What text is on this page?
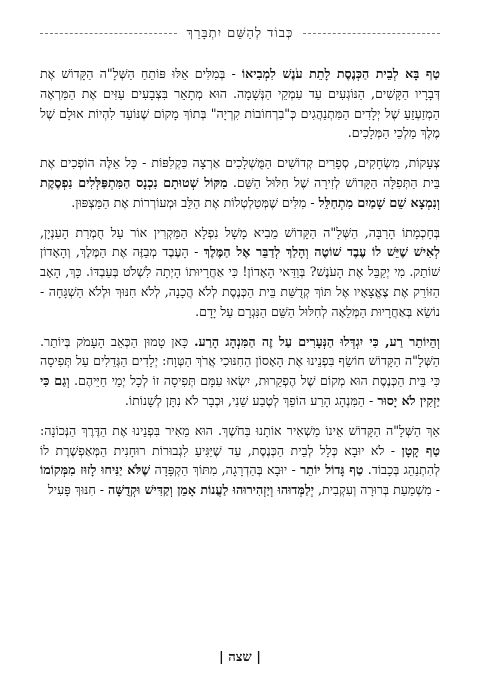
כְּבוֹד לְהַשֵּׁם יִתְבָּרַךְ

טַף בָּא לְבֵית הַכְּנֶסֶת לָתֵת עֹנֶשׁ לִמְבִיאוֹ - בְּמִלִּים אֵלּוּ פּוֹתֵחַ הַשְּׁלָ"ה הַקָּדוֹשׁ אֶת דְּבָרָיו הַקָּשִׁים, הַנּוֹגְעִים עַד עִמְקֵי הַנְּשָׁמָה. הוּא מְתָאֵר בִּצְבָעִים עַזִּים אֶת הַמַּרְאֶה הַמְזַעְזֵעַ שֶׁל יְלָדִים הַמִּתְנַהֲגִים כְּ"בִרְחוֹבוֹת קִרְיָה" בְּתוֹךְ מָקוֹם שֶׁנּוֹעַד לִהְיוֹת אוּלָם שֶׁל מֶלֶךְ מַלְכֵי הַמְּלָכִים.

צְעָקוֹת, מִשְׂחָקִים, סְפָרִים קְדוֹשִׁים הַמֻּשְׁלָכִים אַרְצָה כִּקְלִפּוֹת - כָּל אֵלֶּה הוֹפְכִים אֶת בֵּית הַתְּפִלָּה הַקָּדוֹשׁ לְזִירָה שֶׁל חִלּוּל הַשֵּׁם. מִקּוֹל שְׁטוּתָם נִכְנָס הַמִּתְפַּלְּלִים נִפְסֶקֶת וְנִמְצָא שֵׁם שָׁמַיִם מִתְחַלֵּל - מִלִּים שֶׁמְּטַלְטְלוֹת אֶת הַלֵּב וּמְעוֹרְרוֹת אֶת הַמַּצְפּוּן.

בְּחָכְמָתוֹ הָרַבָּה, הַשְּׁלָ"ה הַקָּדוֹשׁ מֵבִיא מָשָׁל נִפְלָא הַמֵּקְרִין אוֹר עַל חֻמְרַת הָעִנְיָן, לְאִישׁ שֶׁיֵּשׁ לוֹ עֶבֶד שׁוֹטֶה וְהָלַךְ לְדַבֵּר אֶל הַמֶּלֶךְ - הָעֶבֶד מְבַזֶּה אֶת הַמֶּלֶךְ, וְהָאָדוֹן שׁוֹתֵק. מִי יְקַבֵּל אֶת הָעֹנֶשׁ? בְּוַדַּאי הָאָדוֹן! כִּי אַחֲרָיוּתוֹ הָיְתָה לִשְׁלֹט בְּעַבְדּוֹ. כָּךְ, הָאָב הַזּוֹרֵק אֶת צֶאֱצָאָיו אֶל תּוֹךְ קְדֻשַּׁת בֵּית הַכְּנֶסֶת לְלֹא הֲכָנָה, לְלֹא חִנּוּךְ וּלְלֹא הַשְׁגָּחָה - נוֹשֵׂא בְּאַחֲרָיוּת הַמְּלֵאָה לְחִלּוּל הַשֵּׁם הַנִּגְרָם עַל יָדָם.

וְהֵיוֹתֵר רַע, כִּי יִגְדְּלוּ הַנְּעָרִים עַל זֶה הַמִּנְהָג הָרַע. כָּאן טָמוּן הַכְּאֵב הָעָמֹק בְּיוֹתֵר. הַשְּׁלָ"ה הַקָּדוֹשׁ חוֹשֵׂף בִּפְנֵינוּ אֶת הָאָסוֹן הַחִנּוּכִי אֲרֹךְ הַטְּוָח: יְלָדִים הַגְּדֵלִים עַל תְּפִיסָה כִּי בֵּית הַכְּנֶסֶת הוּא מְקוֹם שֶׁל הֶפְקֵרוּת, יִשְׂאוּ עִמָּם תְּפִיסָה זוֹ לְכָל יְמֵי חַיֵּיהֶם. וְגַם כִּי יַזְקִין לֹא יָסוּר - הַמִּנְהָג הָרַע הוֹפֵךְ לְטֶבַע שֵׁנִי, וּכְבָר לֹא נִתָּן לְשָׁנוֹתוֹ.

אַךְ הַשְּׁלָ"ה הַקָּדוֹשׁ אֵינוֹ מַשְׁאִיר אוֹתָנוּ בַּחֹשֶׁךְ. הוּא מֵאִיר בִּפְנֵינוּ אֶת הַדֶּרֶךְ הַנְּכוֹנָה: טַף קָטָן - לֹא יוּבָא כְּלָל לְבֵית הַכְּנֶסֶת, עַד שֶׁיַּגִּיעַ לִגְבוּרוֹת רוּחָנִית הַמְּאַפְשֶׁרֶת לוֹ לְהִתְנַהֵג בְּכָבוֹד. טַף גָּדוֹל יוֹתֵר - יוּבָא בְּהַדְרָגָה, מִתּוֹךְ הַקְפָּדָה שֶׁלֹּא יַנִּיחוּ לָזוּז מִמְּקוֹמוֹ - מִשְׁמַעַת בְּרוּרָה וְעִקְבִית, יְלַמְּדוּהוּ וְיַזְהִירוּהוּ לַעֲנוֹת אָמֵן וְקַדִּישׁ וּקְדֻשָּׁה - חִנּוּךְ פָּעִיל

| שצה |
